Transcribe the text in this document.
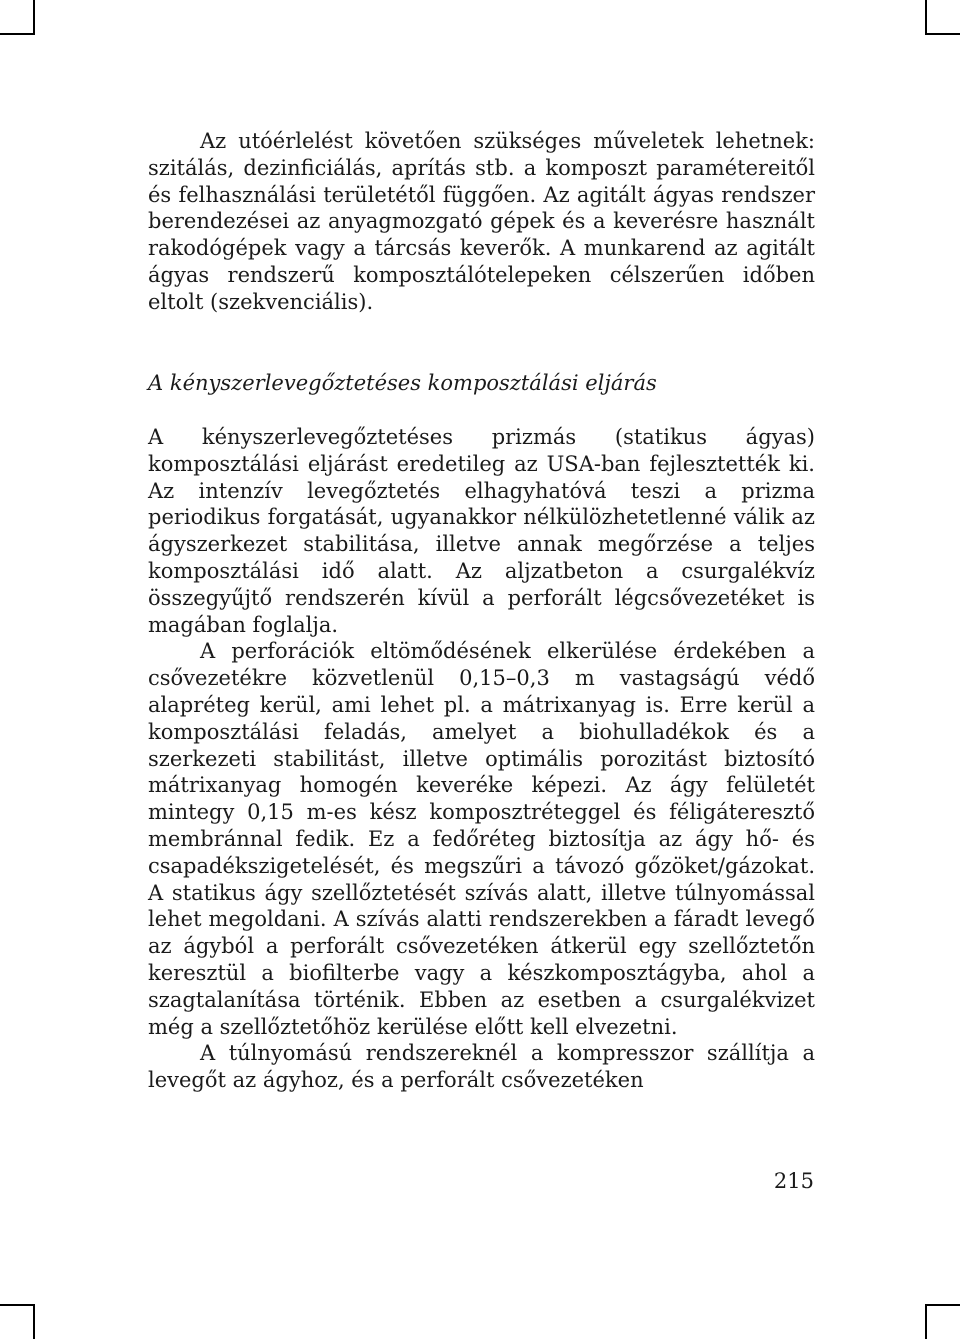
Az utóérlelést követően szükséges műveletek lehetnek: szitálás, dezinficiálás, aprítás stb. a komposzt paramétereitől és felhasználási területétől függően. Az agitált ágyas rendszer berendezései az anyagmozgató gépek és a keverésre használt rakodógépek vagy a tárcsás keverők. A munkarend az agitált ágyas rendszerű komposztálótelepeken célszerűen időben eltolt (szekvenciális).

A kényszerlevegőztetéses komposztálási eljárás

A kényszerlevegőztetéses prizmás (statikus ágyas) komposztálási eljárást eredetileg az USA-ban fejlesztették ki. Az intenzív levegőztetés elhagyhatóvá teszi a prizma periodikus forgatását, ugyanakkor nélkülözhetetlenné válik az ágyszerkezet stabilitása, illetve annak megőrzése a teljes komposztálási idő alatt. Az aljzatbeton a csurgalékvíz összegyűjtő rendszerén kívül a perforált légcsővezetéket is magában foglalja.

A perforációk eltömődésének elkerülése érdekében a csővezetékre közvetlenül 0,15–0,3 m vastagságú védő alapréteg kerül, ami lehet pl. a mátrixanyag is. Erre kerül a komposztálási feladás, amelyet a biohulladékok és a szerkezeti stabilitást, illetve optimális porozitást biztosító mátrixanyag homogén keveréke képezi. Az ágy felületét mintegy 0,15 m-es kész komposztréteggel és féligáteresztő membránnal fedik. Ez a fedőréteg biztosítja az ágy hő- és csapadékszigetelését, és megszűri a távozó gőzöket/gázokat. A statikus ágy szellőztetését szívás alatt, illetve túlnyomással lehet megoldani. A szívás alatti rendszerekben a fáradt levegő az ágyból a perforált csővezetéken átkerül egy szellőztetőn keresztül a biofilterbe vagy a készkomposztágyba, ahol a szagtalanítása történik. Ebben az esetben a csurgalékvizet még a szellőztetőhöz kerülése előtt kell elvezetni.

A túlnyomású rendszereknél a kompresszor szállítja a levegőt az ágyhoz, és a perforált csővezetéken

215
